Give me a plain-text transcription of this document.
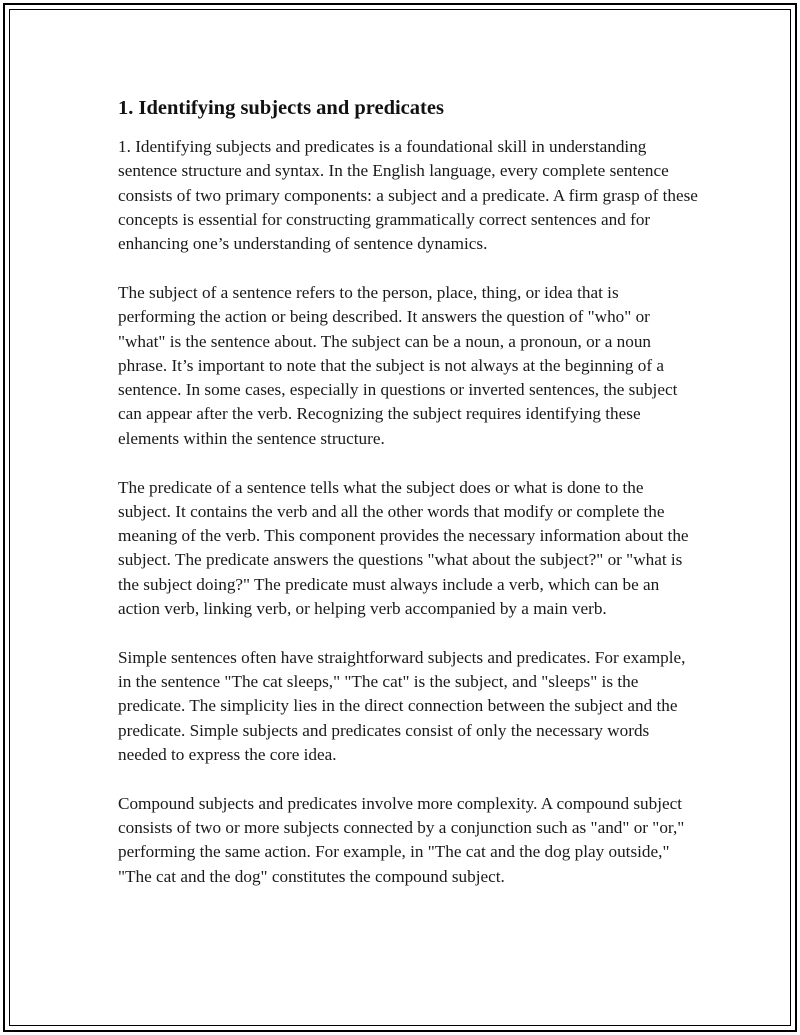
1. Identifying subjects and predicates

1. Identifying subjects and predicates is a foundational skill in understanding sentence structure and syntax. In the English language, every complete sentence consists of two primary components: a subject and a predicate. A firm grasp of these concepts is essential for constructing grammatically correct sentences and for enhancing one’s understanding of sentence dynamics.

The subject of a sentence refers to the person, place, thing, or idea that is performing the action or being described. It answers the question of "who" or "what" is the sentence about. The subject can be a noun, a pronoun, or a noun phrase. It’s important to note that the subject is not always at the beginning of a sentence. In some cases, especially in questions or inverted sentences, the subject can appear after the verb. Recognizing the subject requires identifying these elements within the sentence structure.

The predicate of a sentence tells what the subject does or what is done to the subject. It contains the verb and all the other words that modify or complete the meaning of the verb. This component provides the necessary information about the subject. The predicate answers the questions "what about the subject?" or "what is the subject doing?" The predicate must always include a verb, which can be an action verb, linking verb, or helping verb accompanied by a main verb.

Simple sentences often have straightforward subjects and predicates. For example, in the sentence "The cat sleeps," "The cat" is the subject, and "sleeps" is the predicate. The simplicity lies in the direct connection between the subject and the predicate. Simple subjects and predicates consist of only the necessary words needed to express the core idea.

Compound subjects and predicates involve more complexity. A compound subject consists of two or more subjects connected by a conjunction such as "and" or "or," performing the same action. For example, in "The cat and the dog play outside," "The cat and the dog" constitutes the compound subject.
